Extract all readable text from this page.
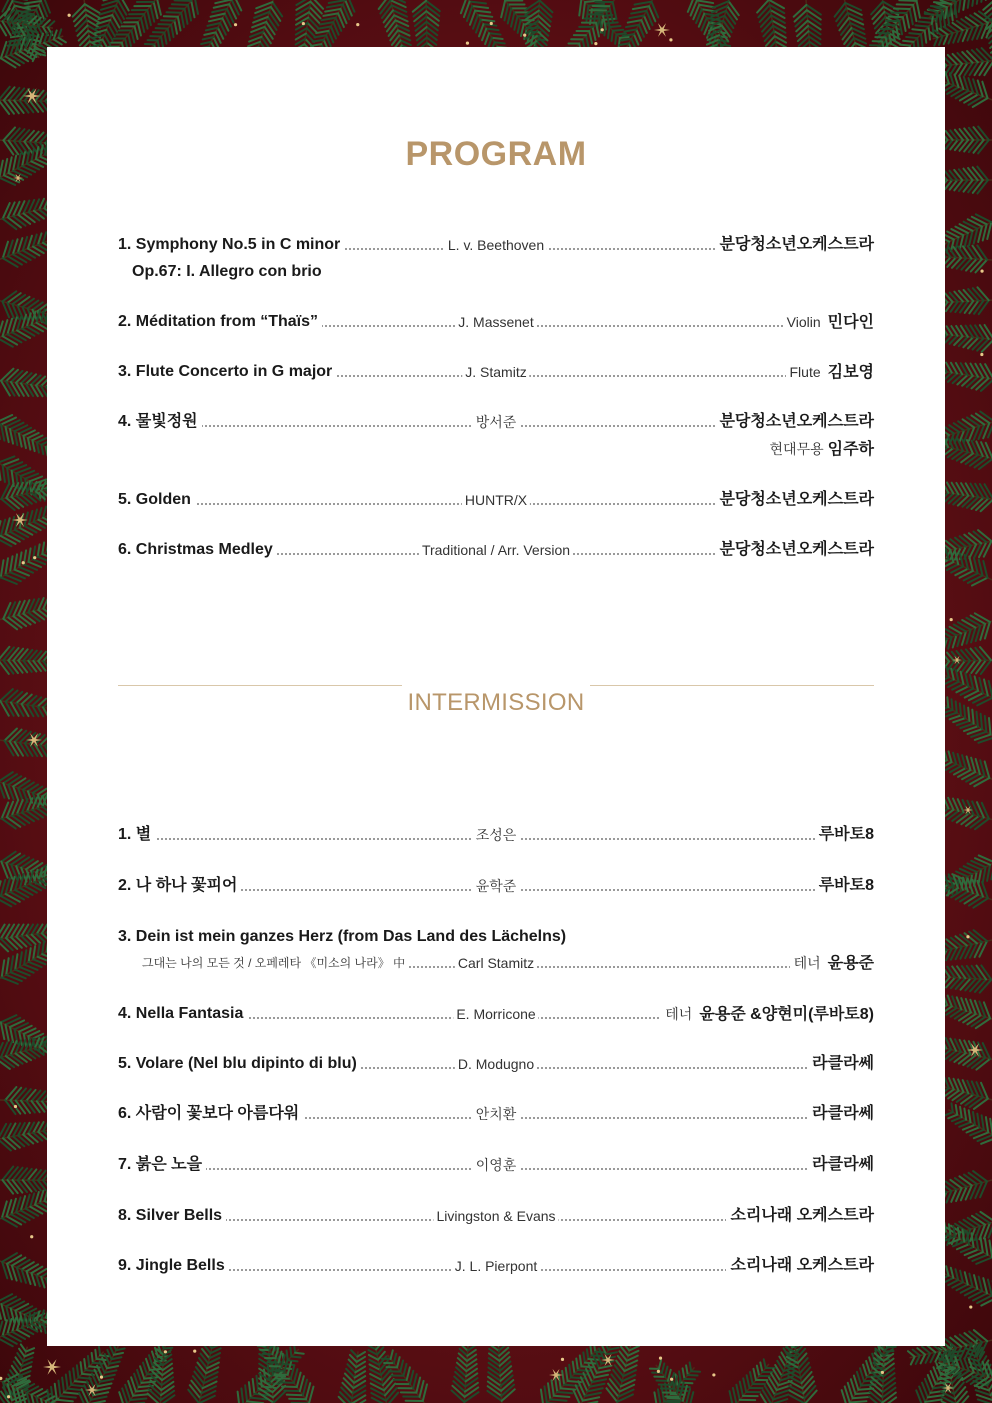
PROGRAM
1. Symphony No.5 in C minor	L. v. Beethoven	분당청소년오케스트라
Op.67: I. Allegro con brio
2. Méditation from “Thaïs”	J. Massenet	Violin 민다인
3. Flute Concerto in G major	J. Stamitz	Flute 김보영
4. 물빛정원	방서준	분당청소년오케스트라
현대무용 임주하
5. Golden	HUNTR/X	분당청소년오케스트라
6. Christmas Medley	Traditional / Arr. Version	분당청소년오케스트라
INTERMISSION
1. 별	조성은	루바토8
2. 나 하나 꽃피어	윤학준	루바토8
3. Dein ist mein ganzes Herz (from Das Land des Lächelns)
그대는 나의 모든 것 / 오페레타 《미소의 나라》 中	Carl Stamitz	테너 윤용준
4. Nella Fantasia	E. Morricone	테너 윤용준 &양현미(루바토8)
5. Volare (Nel blu dipinto di blu)	D. Modugno	라클라쎄
6. 사람이 꽃보다 아름다워	안치환	라클라쎄
7. 붉은 노을	이영훈	라클라쎄
8. Silver Bells	Livingston & Evans	소리나래 오케스트라
9. Jingle Bells	J. L. Pierpont	소리나래 오케스트라
